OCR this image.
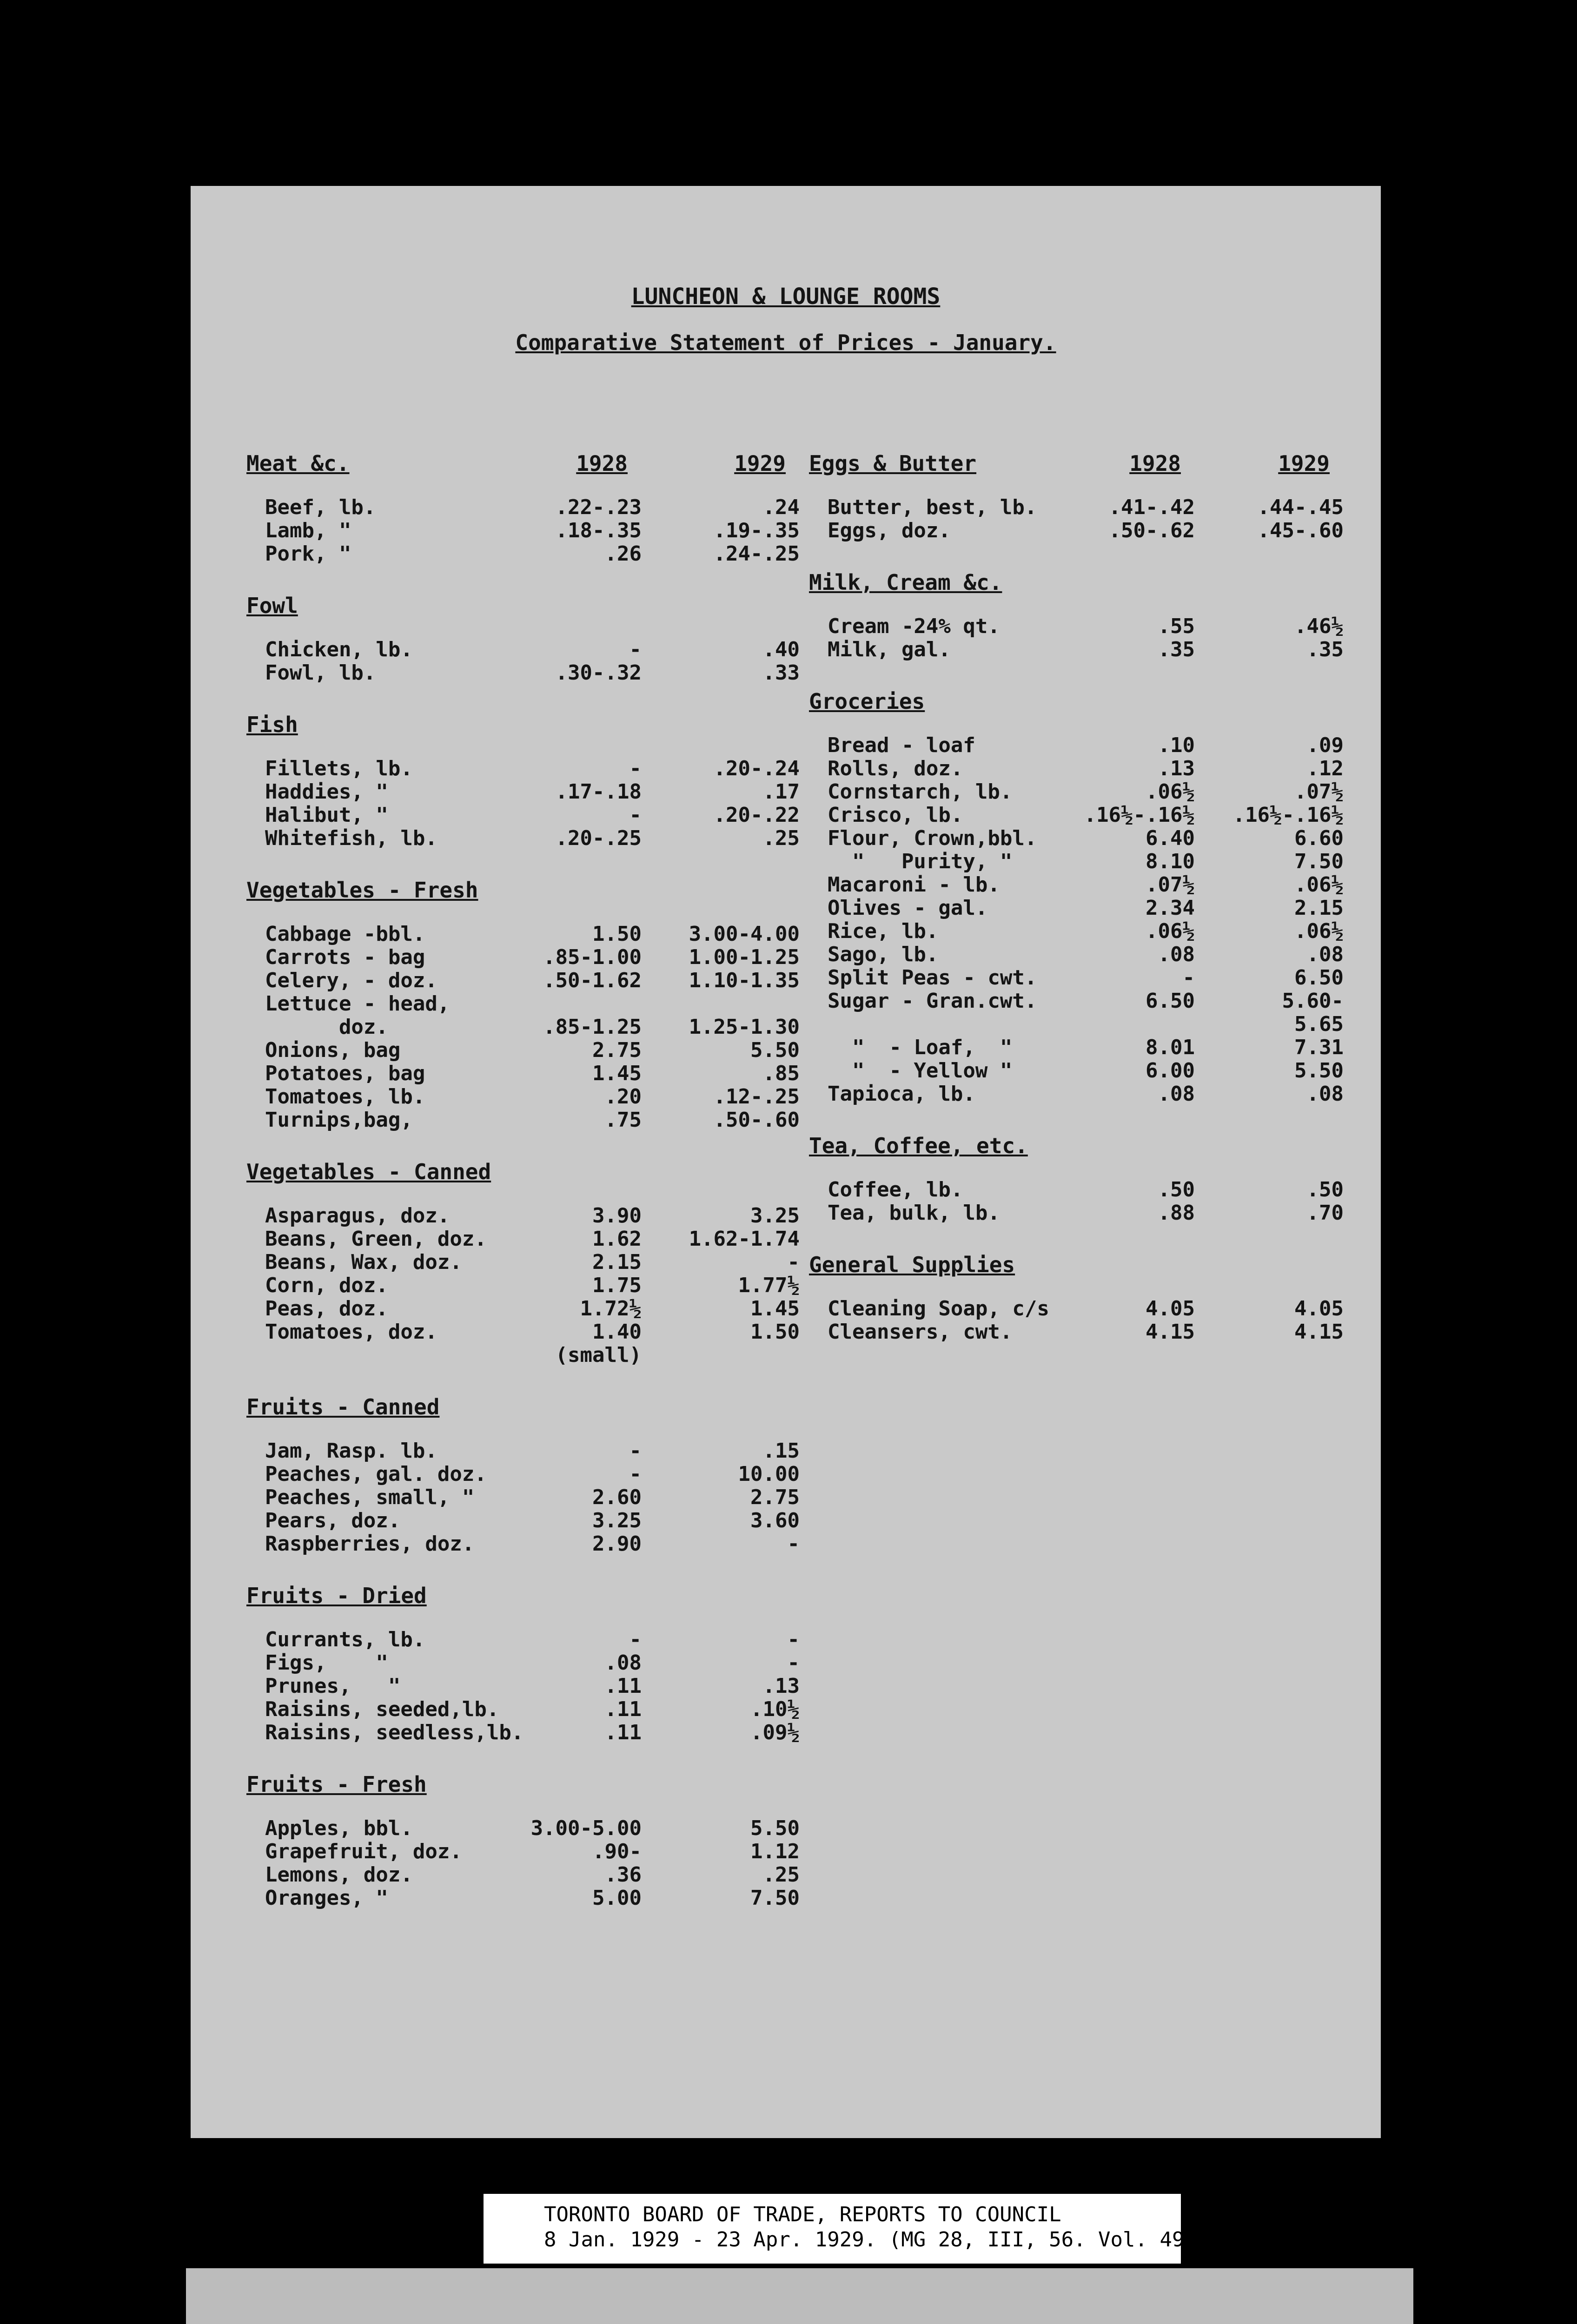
LUNCHEON & LOUNGE ROOMS
Comparative Statement of Prices - January.
Meat &c.	1928	1929
Beef, lb.	.22-.23	.24
Lamb, "	.18-.35	.19-.35
Pork, "	.26	.24-.25
Fowl
Chicken, lb.	-	.40
Fowl, lb.	.30-.32	.33
Fish
Fillets, lb.	-	.20-.24
Haddies, "	.17-.18	.17
Halibut, "	-	.20-.22
Whitefish, lb.	.20-.25	.25
Vegetables - Fresh
Cabbage -bbl.	1.50	3.00-4.00
Carrots - bag	.85-1.00	1.00-1.25
Celery, - doz.	.50-1.62	1.10-1.35
Lettuce - head,
doz.	.85-1.25	1.25-1.30
Onions, bag	2.75	5.50
Potatoes, bag	1.45	.85
Tomatoes, lb.	.20	.12-.25
Turnips,bag,	.75	.50-.60
Vegetables - Canned
Asparagus, doz.	3.90	3.25
Beans, Green, doz.	1.62	1.62-1.74
Beans, Wax, doz.	2.15	-
Corn, doz.	1.75	1.77½
Peas, doz.	1.72½	1.45
Tomatoes, doz.	1.40	1.50
(small)
Fruits - Canned
Jam, Rasp. lb.	-	.15
Peaches, gal. doz.	-	10.00
Peaches, small, "	2.60	2.75
Pears, doz.	3.25	3.60
Raspberries, doz.	2.90	-
Fruits - Dried
Currants, lb.	-	-
Figs,    "	.08	-
Prunes,   "	.11	.13
Raisins, seeded,lb.	.11	.10½
Raisins, seedless,lb.	.11	.09½
Fruits - Fresh
Apples, bbl.	3.00-5.00	5.50
Grapefruit, doz.	.90-	1.12
Lemons, doz.	.36	.25
Oranges, "	5.00	7.50
Eggs & Butter	1928	1929
Butter, best, lb.	.41-.42	.44-.45
Eggs, doz.	.50-.62	.45-.60
Milk, Cream &c.
Cream -24% qt.	.55	.46½
Milk, gal.	.35	.35
Groceries
Bread - loaf	.10	.09
Rolls, doz.	.13	.12
Cornstarch, lb.	.06½	.07½
Crisco, lb.	.16½-.16½	.16½-.16½
Flour, Crown,bbl.	6.40	6.60
"   Purity, "	8.10	7.50
Macaroni - lb.	.07½	.06½
Olives - gal.	2.34	2.15
Rice, lb.	.06½	.06½
Sago, lb.	.08	.08
Split Peas - cwt.	-	6.50
Sugar - Gran.cwt.	6.50	5.60-
5.65
"  - Loaf,  "	8.01	7.31
"  - Yellow "	6.00	5.50
Tapioca, lb.	.08	.08
Tea, Coffee, etc.
Coffee, lb.	.50	.50
Tea, bulk, lb.	.88	.70
General Supplies
Cleaning Soap, c/s	4.05	4.05
Cleansers, cwt.	4.15	4.15
TORONTO BOARD OF TRADE, REPORTS TO COUNCIL
8 Jan. 1929 - 23 Apr. 1929. (MG 28, III, 56. Vol. 49)
